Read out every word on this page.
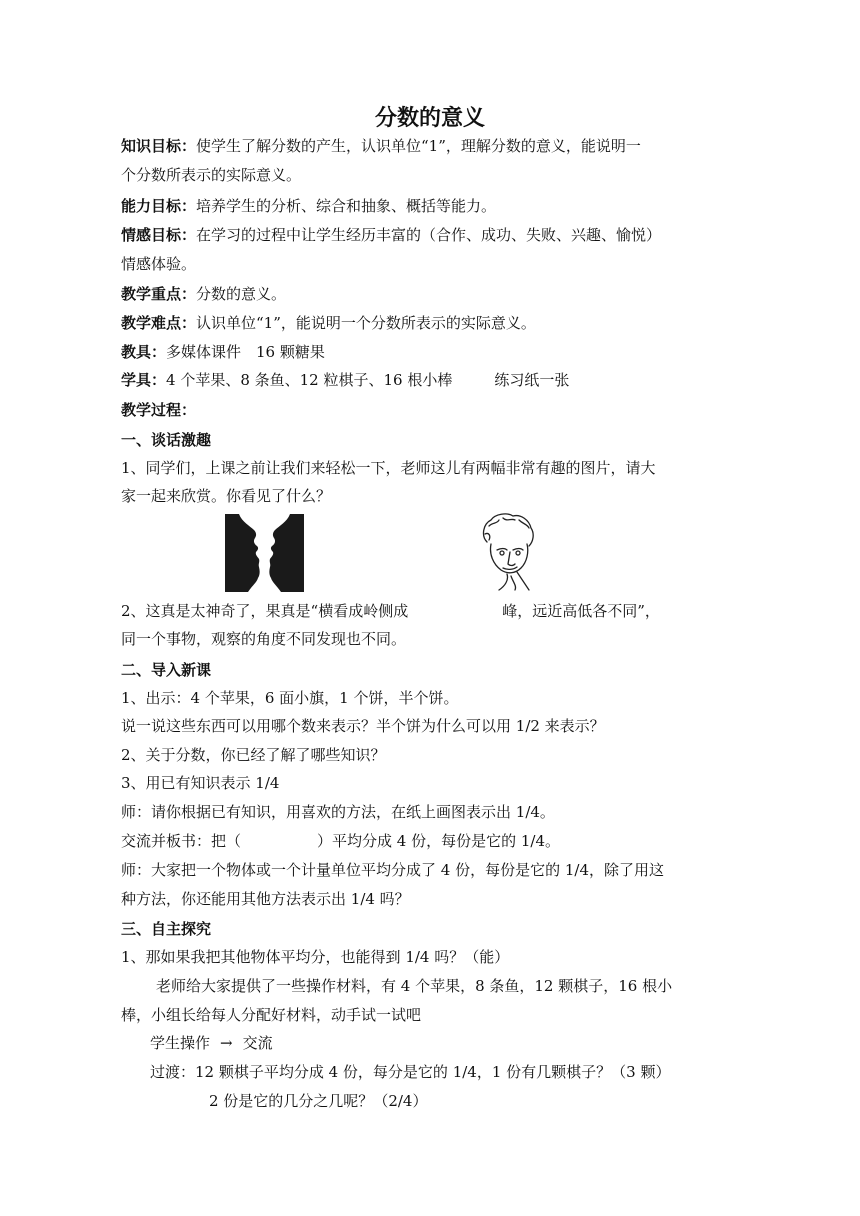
分数的意义
知识目标：使学生了解分数的产生，认识单位“1”，理解分数的意义，能说明一
个分数所表示的实际意义。
能力目标：培养学生的分析、综合和抽象、概括等能力。
情感目标：在学习的过程中让学生经历丰富的（合作、成功、失败、兴趣、愉悦）
情感体验。
教学重点：分数的意义。
教学难点：认识单位“1”，能说明一个分数所表示的实际意义。
教具：多媒体课件　16 颗糖果
学具：4 个苹果、8 条鱼、12 粒棋子、16 根小棒	练习纸一张
教学过程：
一、谈话激趣
1、同学们，上课之前让我们来轻松一下，老师这儿有两幅非常有趣的图片，请大
家一起来欣赏。你看见了什么？
2、这真是太神奇了，果真是“横看成岭侧成	峰，远近高低各不同”，
同一个事物，观察的角度不同发现也不同。
二、导入新课
1、出示：4 个苹果，6 面小旗，1 个饼，半个饼。
说一说这些东西可以用哪个数来表示？半个饼为什么可以用 1/2 来表示？
2、关于分数，你已经了解了哪些知识？
3、用已有知识表示 1/4
师：请你根据已有知识，用喜欢的方法，在纸上画图表示出 1/4。
交流并板书：把（	）平均分成 4 份，每份是它的 1/4。
师：大家把一个物体或一个计量单位平均分成了 4 份，每份是它的 1/4，除了用这
种方法，你还能用其他方法表示出 1/4 吗？
三、自主探究
1、那如果我把其他物体平均分，也能得到 1/4 吗？（能）
老师给大家提供了一些操作材料，有 4 个苹果，8 条鱼，12 颗棋子，16 根小
棒，小组长给每人分配好材料，动手试一试吧
学生操作 → 交流
过渡：12 颗棋子平均分成 4 份，每分是它的 1/4，1 份有几颗棋子？（3 颗）
2 份是它的几分之几呢？（2/4）
